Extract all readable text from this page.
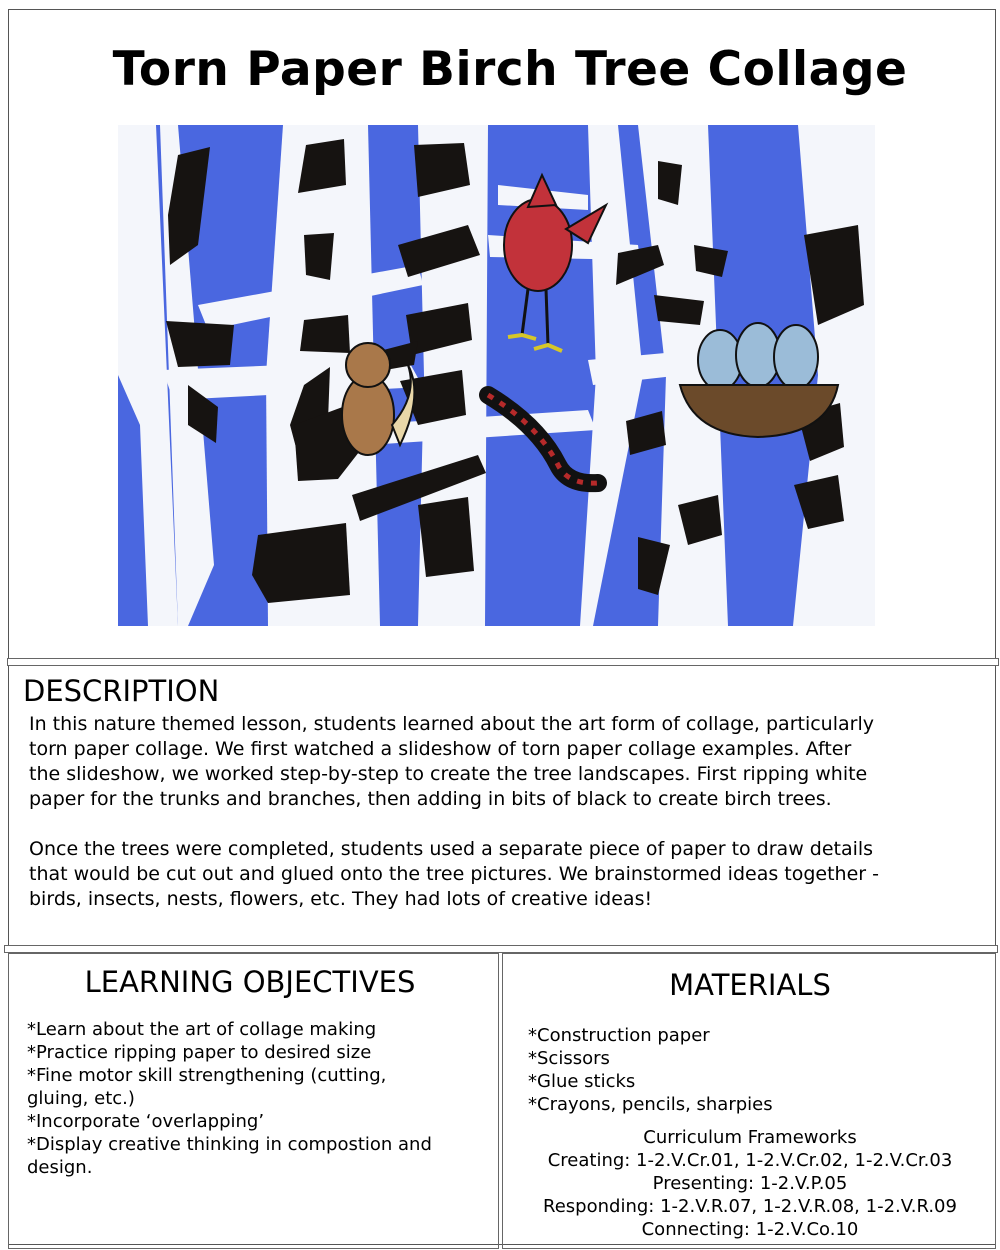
Torn Paper Birch Tree Collage
DESCRIPTION

In this nature themed lesson, students learned about the art form of collage, particularly
torn paper collage. We first watched a slideshow of torn paper collage examples. After
the slideshow, we worked step-by-step to create the tree landscapes. First ripping white
paper for the trunks and branches, then adding in bits of black to create birch trees.

Once the trees were completed, students used a separate piece of paper to draw details
that would be cut out and glued onto the tree pictures. We brainstormed ideas together -
birds, insects, nests, flowers, etc. They had lots of creative ideas!

LEARNING OBJECTIVES
*Learn about the art of collage making
*Practice ripping paper to desired size
*Fine motor skill strengthening (cutting,
gluing, etc.)
*Incorporate ‘overlapping’
*Display creative thinking in compostion and
design.
MATERIALS
*Construction paper
*Scissors
*Glue sticks
*Crayons, pencils, sharpies
Curriculum Frameworks
Creating: 1-2.V.Cr.01, 1-2.V.Cr.02, 1-2.V.Cr.03
Presenting: 1-2.V.P.05
Responding: 1-2.V.R.07, 1-2.V.R.08, 1-2.V.R.09
Connecting: 1-2.V.Co.10
